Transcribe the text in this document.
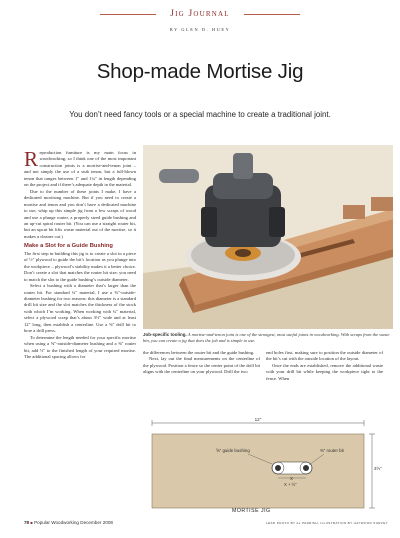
Jig Journal
BY GLEN D. HUEY
Shop-made Mortise Jig
You don’t need fancy tools or a special machine to create a traditional joint.

Reproduction furniture is my main focus in woodworking, so I think one of the most important construction joints is a mortise-and-tenon joint – and not simply the use of a stub tenon, but a full-blown tenon that ranges between 1" and 1¼" in length depending on the project and if there’s adequate depth in the material.

Due to the number of these joints I make, I have a dedicated mortising machine. But if you need to create a mortise and tenon and you don’t have a dedicated machine to use, whip up this simple jig from a few scraps of wood and use a plunge router, a properly sized guide bushing and an up-cut spiral router bit. (You can use a straight router bit, but an upcut bit lifts waste material out of the mortise, so it makes a cleaner cut.)

Make a Slot for a Guide Bushing

The first step in building this jig is to create a slot in a piece of ½" plywood to guide the bit’s location as you plunge into the workpiece – plywood’s stability makes it a better choice. Don’t create a slot that matches the router bit size; you need to match the slot to the guide bushing’s outside diameter.

Select a bushing with a diameter that’s larger than the router bit. For standard ¾" material, I use a ⅝"-outside-diameter bushing for two reasons: this diameter is a standard drill bit size and the slot matches the thickness of the stock with which I’m working. When working with ¾" material, select a plywood scrap that’s about 3½" wide and at least 12" long, then establish a centerline. Use a ⅝" drill bit to bore a drill press.

To determine the length needed for your specific mortise when using a ⅝"-outside-diameter bushing and a ⅜" router bit, add ½" to the finished length of your required mortise. The additional spacing allows for

Job-specific tooling. A mortise-and-tenon joint is one of the strongest, most useful joints in woodworking. With scraps from the waste bin, you can create a jig that does the job and is simple to use.

the differences between the router bit and the guide bushing.

Next, lay out the final measurements on the centerline of the plywood. Position a fence so the center point of the drill bit aligns with the centerline on your plywood. Drill the two

end holes first, making sure to position the outside diameter of the bit’s cut with the outside location of the layout.

Once the ends are established, remove the additional waste with your drill bit while keeping the workpiece tight to the fence. When

12"
3½"
⅝" guide bushing	⅜" router bit
X
X + ½"
MORTISE JIG
78 ■ Popular Woodworking December 2008	LEAD PHOTO BY AL PARRISH; ILLUSTRATION BY HAYWOOD SURVEY
